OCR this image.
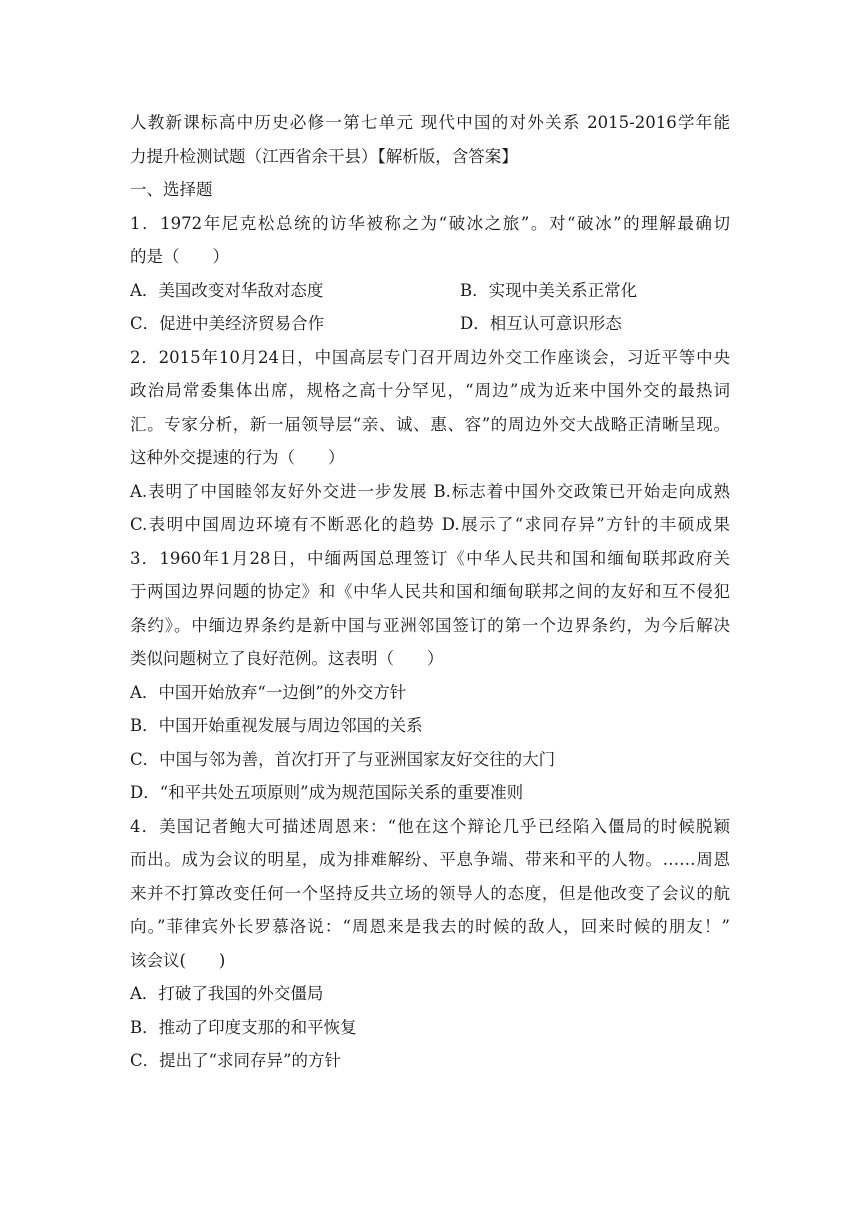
人教新课标高中历史必修一第七单元 现代中国的对外关系 2015-2016学年能
力提升检测试题（江西省余干县）【解析版，含答案】
一、选择题
1．1972年尼克松总统的访华被称之为“破冰之旅”。对“破冰”的理解最确切
的是（　　）
A．美国改变对华敌对态度	B．实现中美关系正常化
C．促进中美经济贸易合作	D．相互认可意识形态
2．2015年10月24日，中国高层专门召开周边外交工作座谈会，习近平等中央
政治局常委集体出席，规格之高十分罕见，“周边”成为近来中国外交的最热词
汇。专家分析，新一届领导层“亲、诚、惠、容”的周边外交大战略正清晰呈现。
这种外交提速的行为（　　）
A.表明了中国睦邻友好外交进一步发展 B.标志着中国外交政策已开始走向成熟
C.表明中国周边环境有不断恶化的趋势 D.展示了“求同存异”方针的丰硕成果
3．1960年1月28日，中缅两国总理签订《中华人民共和国和缅甸联邦政府关
于两国边界问题的协定》和《中华人民共和国和缅甸联邦之间的友好和互不侵犯
条约》。中缅边界条约是新中国与亚洲邻国签订的第一个边界条约，为今后解决
类似问题树立了良好范例。这表明（　　）
A．中国开始放弃“一边倒”的外交方针
B．中国开始重视发展与周边邻国的关系
C．中国与邻为善，首次打开了与亚洲国家友好交往的大门
D．“和平共处五项原则”成为规范国际关系的重要准则
4．美国记者鲍大可描述周恩来：“他在这个辩论几乎已经陷入僵局的时候脱颖
而出。成为会议的明星，成为排难解纷、平息争端、带来和平的人物。……周恩
来并不打算改变任何一个坚持反共立场的领导人的态度，但是他改变了会议的航
向。”菲律宾外长罗慕洛说：“周恩来是我去的时候的敌人，回来时候的朋友！”
该会议(　　)
A．打破了我国的外交僵局
B．推动了印度支那的和平恢复
C．提出了“求同存异”的方针
